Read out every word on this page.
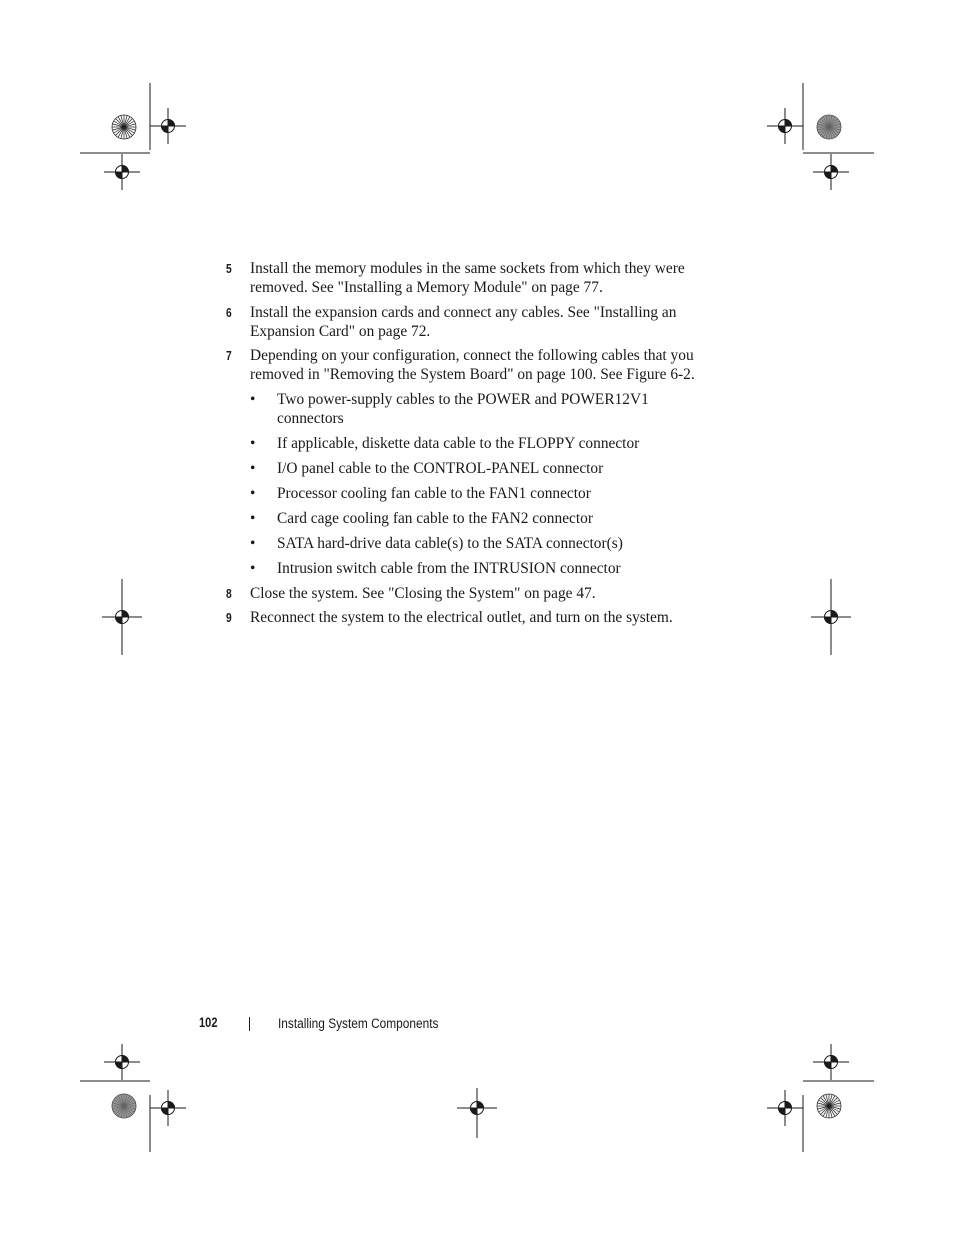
5 Install the memory modules in the same sockets from which they were removed. See "Installing a Memory Module" on page 77.
6 Install the expansion cards and connect any cables. See "Installing an Expansion Card" on page 72.
7 Depending on your configuration, connect the following cables that you removed in "Removing the System Board" on page 100. See Figure 6-2.
• Two power-supply cables to the POWER and POWER12V1 connectors
• If applicable, diskette data cable to the FLOPPY connector
• I/O panel cable to the CONTROL-PANEL connector
• Processor cooling fan cable to the FAN1 connector
• Card cage cooling fan cable to the FAN2 connector
• SATA hard-drive data cable(s) to the SATA connector(s)
• Intrusion switch cable from the INTRUSION connector
8 Close the system. See "Closing the System" on page 47.
9 Reconnect the system to the electrical outlet, and turn on the system.
102	Installing System Components
